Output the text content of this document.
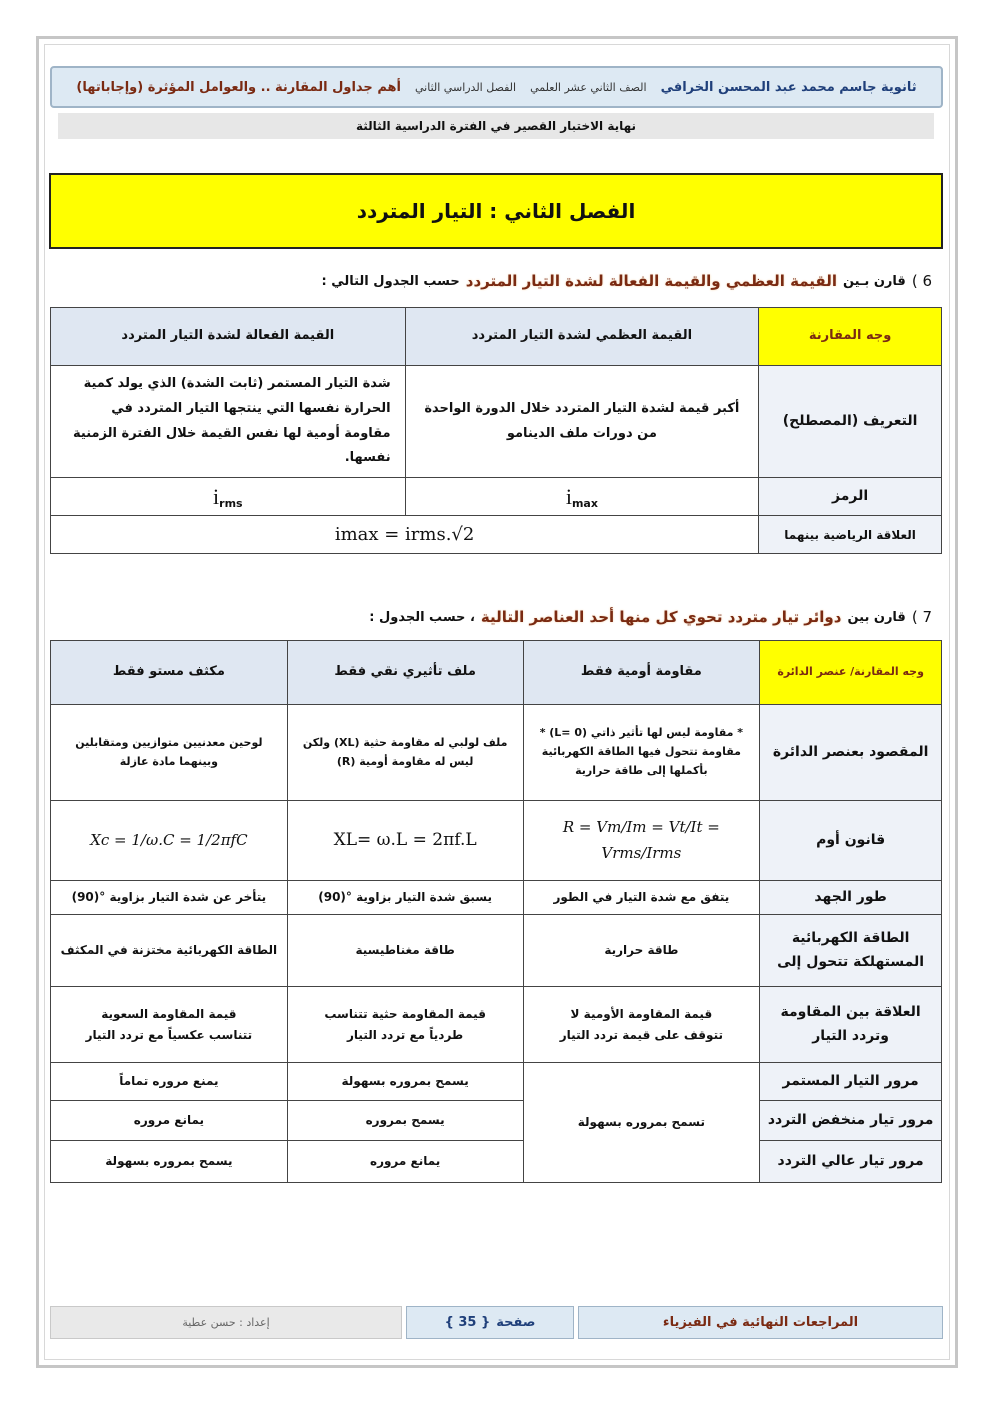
ثانوية جاسم محمد عبد المحسن الخرافي
الصف الثاني عشر العلمي
الفصل الدراسي الثاني
أهم جداول المقارنة .. والعوامل المؤثرة (وإجاباتها)
نهاية الاختبار القصير في الفترة الدراسية الثالثة
الفصل الثاني : التيار المتردد
6 )
قارن بـين
القيمة العظمي والقيمة الفعالة لشدة التيار المتردد
حسب الجدول التالي :
وجه المقارنة	القيمة العظمي لشدة التيار المتردد	القيمة الفعالة لشدة التيار المتردد
التعريف (المصطلح)	أكبر قيمة لشدة التيار المتردد خلال الدورة الواحدة من دورات ملف الدينامو	شدة التيار المستمر (ثابت الشدة) الذي يولد كمية الحرارة نفسها التي ينتجها التيار المتردد في مقاومة أومية لها نفس القيمة خلال الفترة الزمنية نفسها.
الرمز	imax	irms
العلاقة الرياضية بينهما	imax = irms.√2	
7 )
قارن بين
دوائر تيار متردد تحوي كل منها أحد العناصر التالية
، حسب الجدول :
وجه المقارنة/ عنصر الدائرة	مقاومة أومية فقط	ملف تأثيري نقي فقط	مكثف مستو فقط
المقصود بعنصر الدائرة	* مقاومة ليس لها تأثير ذاتي (L= 0) * مقاومة تتحول فيها الطاقة الكهربائية بأكملها إلى طاقة حرارية	ملف لولبي له مقاومة حثية (XL) ولكن ليس له مقاومة أومية (R)	لوحين معدنيين متوازيين ومتقابلين وبينهما مادة عازلة
قانون أوم	R = Vm/Im = Vt/It = Vrms/Irms	XL= ω.L = 2πf.L	Xc = 1/ω.C = 1/2πfC
طور الجهد	يتفق مع شدة التيار في الطور	يسبق شدة التيار بزاوية °(90)	يتأخر عن شدة التيار بزاوية °(90)
الطاقة الكهربائية المستهلكة تتحول إلى	طاقة حرارية	طاقة مغناطيسية	الطاقة الكهربائية مختزنة في المكثف
العلاقة بين المقاومة وتردد التيار	قيمة المقاومة الأومية لا تتوقف على قيمة تردد التيار	قيمة المقاومة حثية تتناسب طردياً مع تردد التيار	قيمة المقاومة السعوية تتناسب عكسياً مع تردد التيار
مرور التيار المستمر	تسمح بمروره بسهولة	يسمح بمروره بسهولة	يمنع مروره تماماً
مرور تيار منخفض التردد		يسمح بمروره	يمانع مروره
مرور تيار عالي التردد		يمانع مروره	يسمح بمروره بسهولة
المراجعات النهائية في الفيزياء
صفحة
{ 35 }
إعداد : حسن عطية
